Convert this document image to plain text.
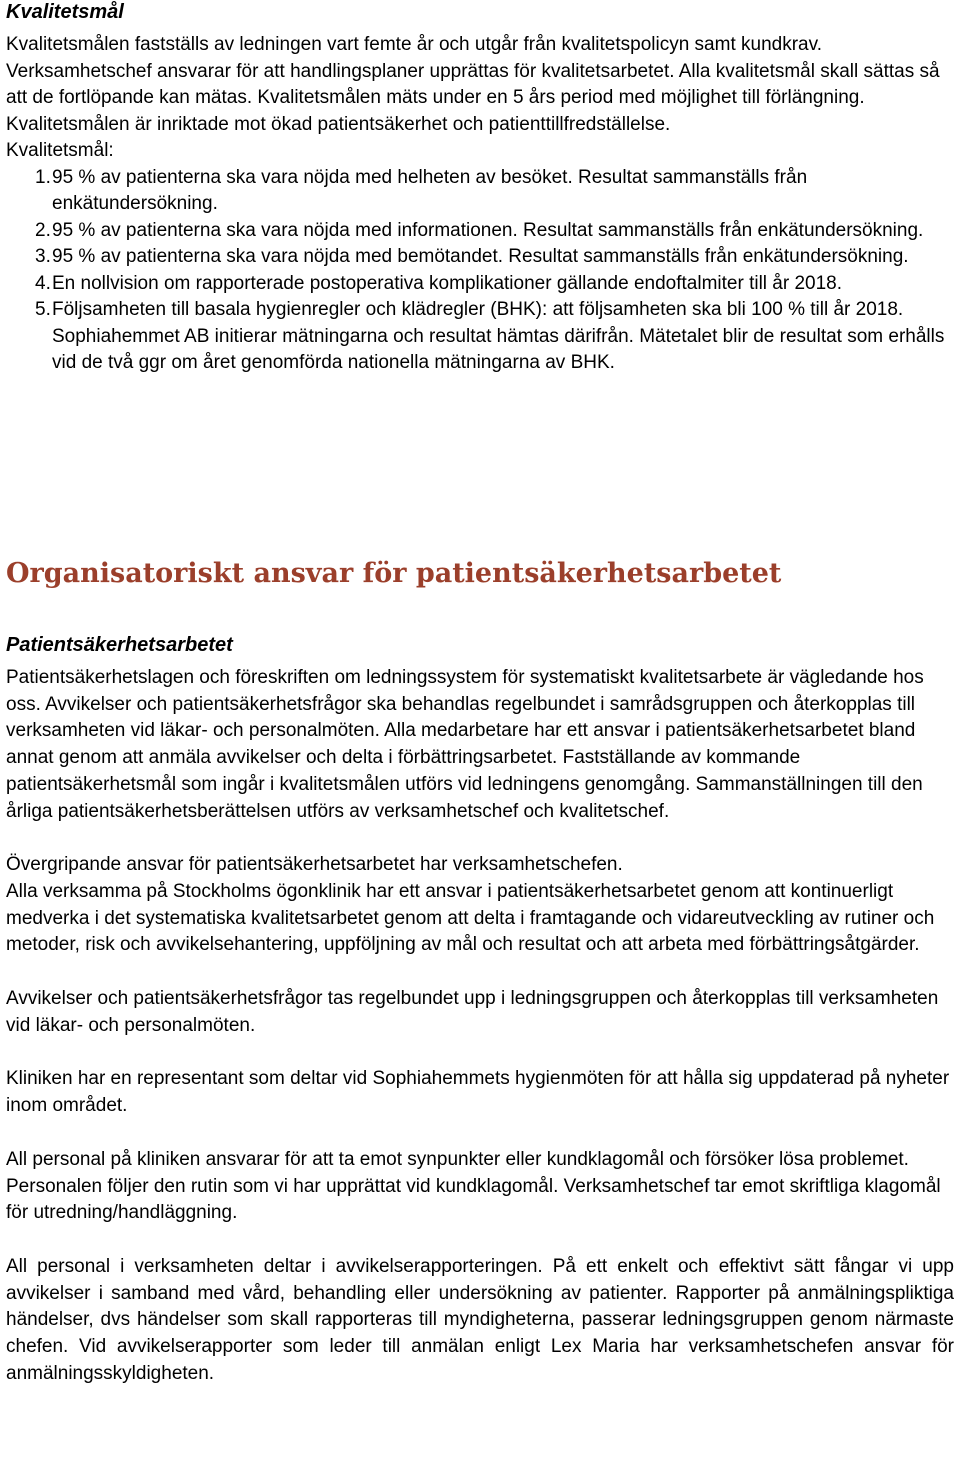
Kvalitetsmål

Kvalitetsmålen fastställs av ledningen vart femte år och utgår från kvalitetspolicyn samt kundkrav. Verksamhetschef ansvarar för att handlingsplaner upprättas för kvalitetsarbetet. Alla kvalitetsmål skall sättas så att de fortlöpande kan mätas. Kvalitetsmålen mäts under en 5 års period med möjlighet till förlängning. Kvalitetsmålen är inriktade mot ökad patientsäkerhet och patienttillfredställelse.

Kvalitetsmål:

1. 95 % av patienterna ska vara nöjda med helheten av besöket. Resultat sammanställs från enkätundersökning.
2. 95 % av patienterna ska vara nöjda med informationen. Resultat sammanställs från enkätundersökning.
3. 95 % av patienterna ska vara nöjda med bemötandet. Resultat sammanställs från enkätundersökning.
4. En nollvision om rapporterade postoperativa komplikationer gällande endoftalmiter till år 2018.
5. Följsamheten till basala hygienregler och klädregler (BHK): att följsamheten ska bli 100 % till år 2018. Sophiahemmet AB initierar mätningarna och resultat hämtas därifrån. Mätetalet blir de resultat som erhålls vid de två ggr om året genomförda nationella mätningarna av BHK.
Organisatoriskt ansvar för patientsäkerhetsarbetet
Patientsäkerhetsarbetet

Patientsäkerhetslagen och föreskriften om ledningssystem för systematiskt kvalitetsarbete är vägledande hos oss. Avvikelser och patientsäkerhetsfrågor ska behandlas regelbundet i samrådsgruppen och återkopplas till verksamheten vid läkar- och personalmöten. Alla medarbetare har ett ansvar i patientsäkerhetsarbetet bland annat genom att anmäla avvikelser och delta i förbättringsarbetet. Fastställande av kommande patientsäkerhetsmål som ingår i kvalitetsmålen utförs vid ledningens genomgång. Sammanställningen till den årliga patientsäkerhetsberättelsen utförs av verksamhetschef och kvalitetschef.

Övergripande ansvar för patientsäkerhetsarbetet har verksamhetschefen.

Alla verksamma på Stockholms ögonklinik har ett ansvar i patientsäkerhetsarbetet genom att kontinuerligt medverka i det systematiska kvalitetsarbetet genom att delta i framtagande och vidareutveckling av rutiner och metoder, risk och avvikelsehantering, uppföljning av mål och resultat och att arbeta med förbättringsåtgärder.

Avvikelser och patientsäkerhetsfrågor tas regelbundet upp i ledningsgruppen och återkopplas till verksamheten vid läkar- och personalmöten.

Kliniken har en representant som deltar vid Sophiahemmets hygienmöten för att hålla sig uppdaterad på nyheter inom området.

All personal på kliniken ansvarar för att ta emot synpunkter eller kundklagomål och försöker lösa problemet. Personalen följer den rutin som vi har upprättat vid kundklagomål. Verksamhetschef tar emot skriftliga klagomål för utredning/handläggning.

All personal i verksamheten deltar i avvikelserapporteringen. På ett enkelt och effektivt sätt fångar vi upp avvikelser i samband med vård, behandling eller undersökning av patienter. Rapporter på anmälningspliktiga händelser, dvs händelser som skall rapporteras till myndigheterna, passerar ledningsgruppen genom närmaste chefen. Vid avvikelserapporter som leder till anmälan enligt Lex Maria har verksamhetschefen ansvar för anmälningsskyldigheten.
